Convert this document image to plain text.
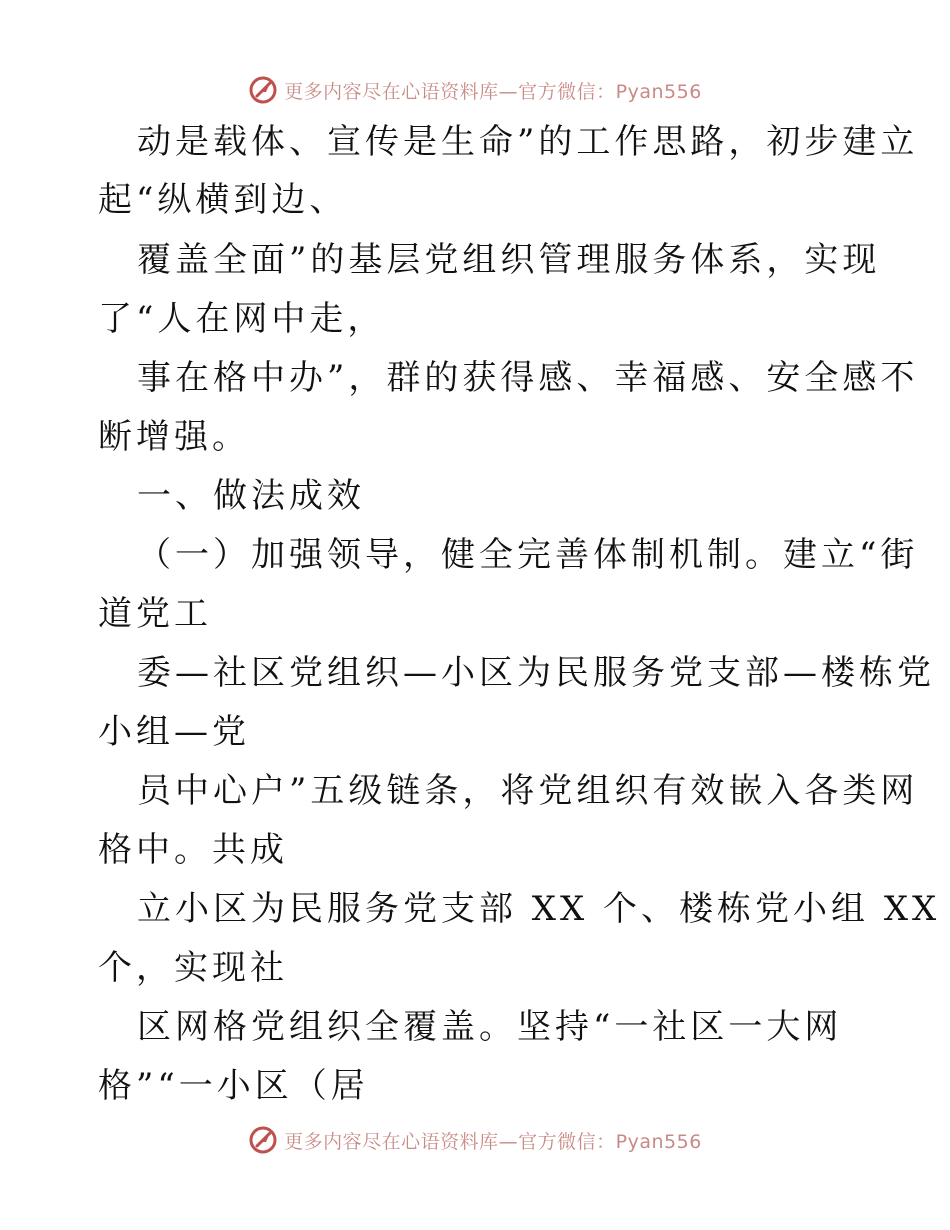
更多内容尽在心语资料库—官方微信：Pyan556
动是载体、宣传是生命”的工作思路，初步建立
起“纵横到边、
覆盖全面”的基层党组织管理服务体系，实现
了“人在网中走，
事在格中办”，群的获得感、幸福感、安全感不
断增强。
一、做法成效
（一）加强领导，健全完善体制机制。建立“街
道党工
委—社区党组织—小区为民服务党支部—楼栋党
小组—党
员中心户”五级链条，将党组织有效嵌入各类网
格中。共成
立小区为民服务党支部 XX 个、楼栋党小组 XX
个，实现社
区网格党组织全覆盖。坚持“一社区一大网
格”“一小区（居
更多内容尽在心语资料库—官方微信：Pyan556
